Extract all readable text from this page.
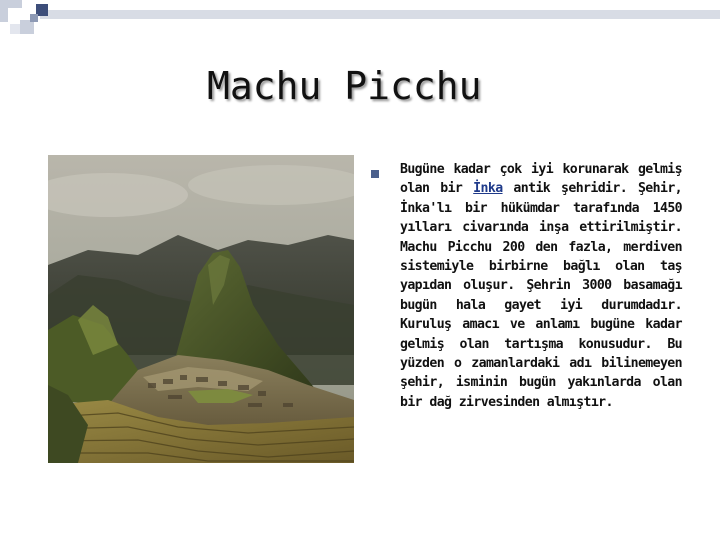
Machu Picchu
Bugüne kadar çok iyi korunarak gelmiş olan bir İnka antik şehridir. Şehir, İnka'lı bir hükümdar tarafında 1450 yılları civarında inşa ettirilmiştir. Machu Picchu 200 den fazla, merdiven sistemiyle birbirne bağlı olan taş yapıdan oluşur. Şehrin 3000 basamağı bugün hala gayet iyi durumdadır. Kuruluş amacı ve anlamı bugüne kadar gelmiş olan tartışma konusudur. Bu yüzden o zamanlardaki adı bilinemeyen şehir, isminin bugün yakınlarda olan bir dağ zirvesinden almıştır.
